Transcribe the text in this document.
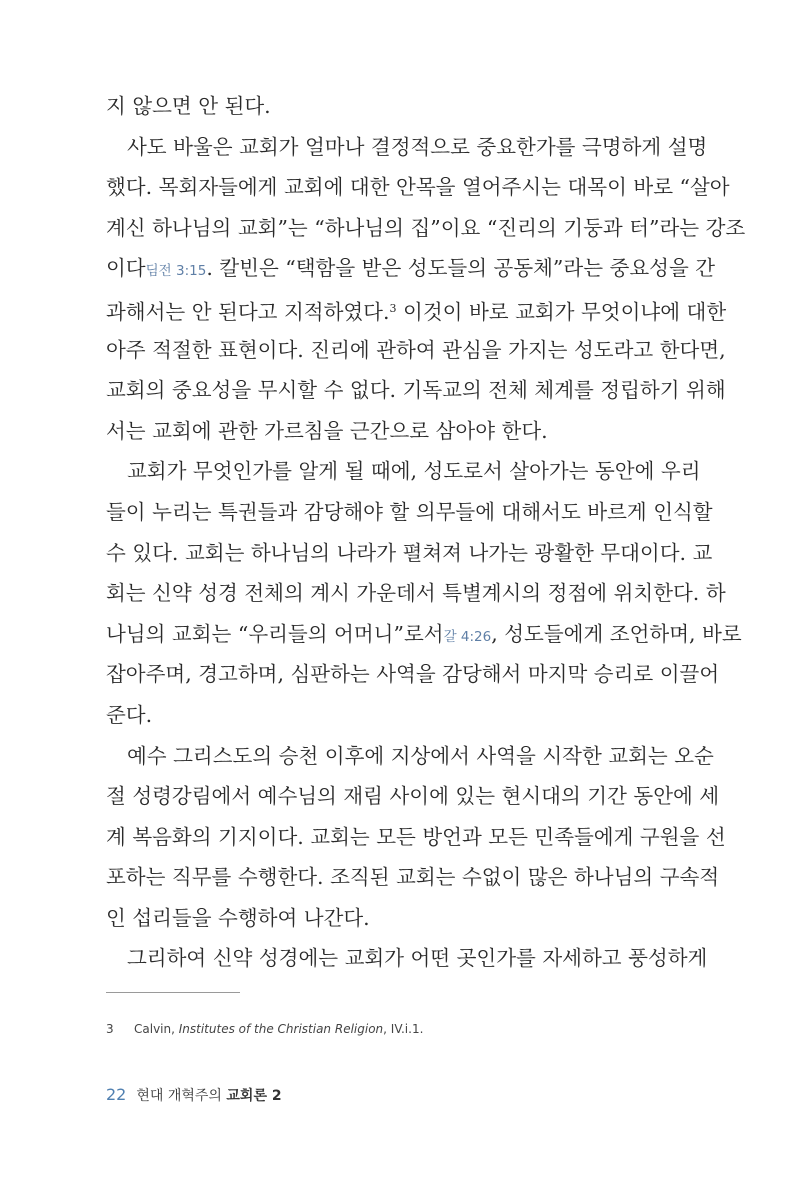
지 않으면 안 된다.
사도 바울은 교회가 얼마나 결정적으로 중요한가를 극명하게 설명
했다. 목회자들에게 교회에 대한 안목을 열어주시는 대목이 바로 “살아
계신 하나님의 교회”는 “하나님의 집”이요 “진리의 기둥과 터”라는 강조
이다딤전 3:15. 칼빈은 “택함을 받은 성도들의 공동체”라는 중요성을 간
과해서는 안 된다고 지적하였다.$^3$ 이것이 바로 교회가 무엇이냐에 대한
아주 적절한 표현이다. 진리에 관하여 관심을 가지는 성도라고 한다면,
교회의 중요성을 무시할 수 없다. 기독교의 전체 체계를 정립하기 위해
서는 교회에 관한 가르침을 근간으로 삼아야 한다.
교회가 무엇인가를 알게 될 때에, 성도로서 살아가는 동안에 우리
들이 누리는 특권들과 감당해야 할 의무들에 대해서도 바르게 인식할
수 있다. 교회는 하나님의 나라가 펼쳐져 나가는 광활한 무대이다. 교
회는 신약 성경 전체의 계시 가운데서 특별계시의 정점에 위치한다. 하
나님의 교회는 “우리들의 어머니”로서갈 4:26, 성도들에게 조언하며, 바로
잡아주며, 경고하며, 심판하는 사역을 감당해서 마지막 승리로 이끌어
준다.
예수 그리스도의 승천 이후에 지상에서 사역을 시작한 교회는 오순
절 성령강림에서 예수님의 재림 사이에 있는 현시대의 기간 동안에 세
계 복음화의 기지이다. 교회는 모든 방언과 모든 민족들에게 구원을 선
포하는 직무를 수행한다. 조직된 교회는 수없이 많은 하나님의 구속적
인 섭리들을 수행하여 나간다.
그리하여 신약 성경에는 교회가 어떤 곳인가를 자세하고 풍성하게
3 Calvin, Institutes of the Christian Religion, IV.i.1.
22 현대 개혁주의 교회론 2
